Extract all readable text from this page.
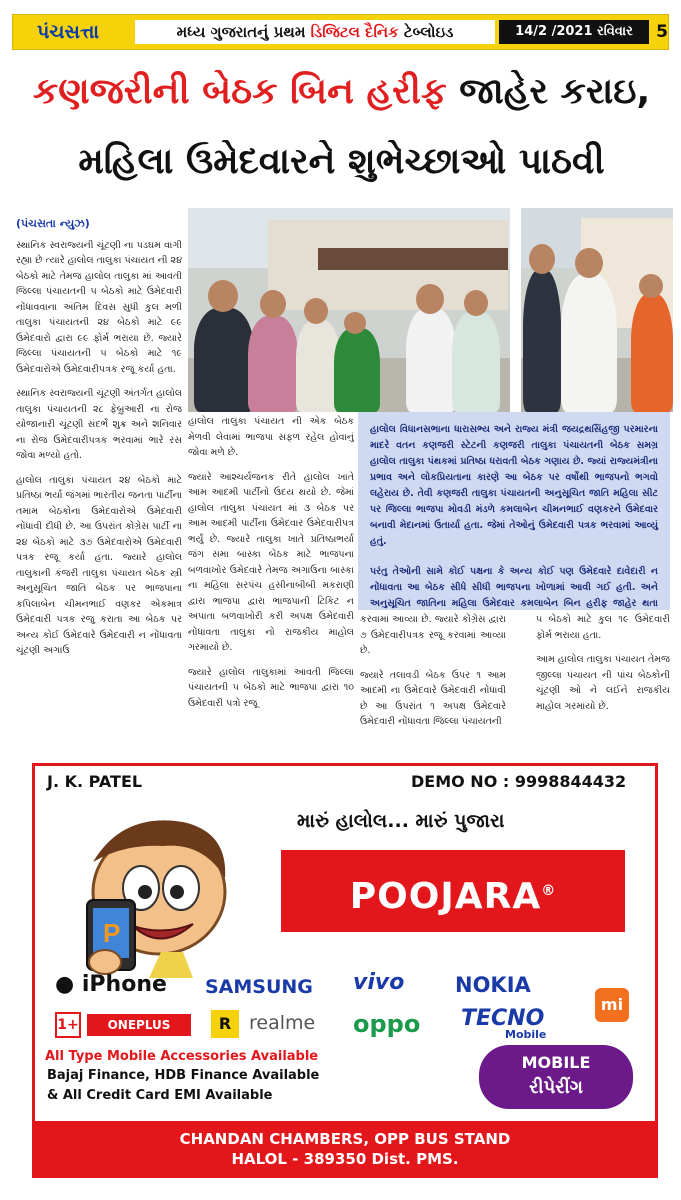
પંચસત્તા	મધ્ય ગુજરાતનું પ્રથમ ડિજિટલ દૈનિક ટેબ્લોઇડ	14/2 /2021 રવિવાર	5
કણજરીની બેઠક બિન હરીફ જાહેર કરાઇ,
મહિલા ઉમેદવારને શુભેચ્છાઓ પાઠવી
(પંચસતા ન્યુઝ)

સ્થાનિક સ્વરાજ્યની ચૂંટણી ના પડઘમ વાગી રહ્યા છે ત્યારે હાલોલ તાલુકા પંચાયત ની ૨૪ બેઠકો માટે તેમજ હાલોલ તાલુકા માં આવતી જિલ્લા પંચાયતની ૫ બેઠકો માટે ઉમેદવારી નોંધાવવાના અંતિમ દિવસ સુધી કુલ મળી તાલુકા પંચાયતની ૨૪ બેઠકો માટે ૯૯ ઉમેદવારો દ્વારા ૯૯ ફોર્મ ભરાયા છે. જ્યારે જિલ્લા પંચાયતની ૫ બેઠકો માટે ૧૯ ઉમેદવારોએ ઉમેદવારીપત્રક રજૂ કર્યા હતા.

સ્થાનિક સ્વરાજ્યની ચૂંટણી અંતર્ગત હાલોલ તાલુકા પંચાયતની ૨૮ ફેબ્રુઆરી ના રોજ યોજાનારી ચૂંટણી સંદર્ભે શુક્ર અને શનિવાર ના રોજ ઉમેદવારીપત્રક ભરવામાં ભારે રસ જોવા મળ્યો હતો.

હાલોલ તાલુકા પંચાયત ૨૪ બેઠકો માટે પ્રતિષ્ઠા ભર્યા જંગમાં ભારતીય જનતા પાર્ટીના તમામ બેઠકોના ઉમેદવારોએ ઉમેદવારી નોંધાવી દીધી છે. આ ઉપરાંત કોંગ્રેસ પાર્ટી ના ૨૪ બેઠકો માટે ૩૭ ઉમેદવારોએ ઉમેદવારી પત્રક રજૂ કર્યા હતા. જ્યારે હાલોલ તાલુકાની કંજરી તાલુકા પંચાયત બેઠક સ્ત્રી અનુસૂચિત જાતિ બેઠક પર ભાજપાના કપિલાબેન ચીમનભાઈ વણકર એકમાત્ર ઉમેદવારી પત્રક રજુ કરાતા આ બેઠક પર અન્ય કોઈ ઉમેદવારે ઉમેદવારી ન નોંધાવતા ચૂંટણી અગાઉ

હાલોલ તાલુકા પંચાયત ની એક બેઠક મેળવી લેવામાં ભાજપા સફળ રહેલ હોવાનું જોવા મળે છે.

જ્યારે આશ્ચર્યજનક રીતે હાલોલ ખાતે આમ આદમી પાર્ટીનો ઉદય થયો છે. જેમાં હાલોલ તાલુકા પંચાયત માં ૩ બેઠક પર આમ આદમી પાર્ટીના ઉમેદવાર ઉમેદવારીપત્ર ભર્યું છે. જ્યારે તાલુકા ખાતે પ્રતિષ્ઠાભર્યા જંગ સમા બાસ્કા બેઠક માટે ભાજપના બળવાખોર ઉમેદવારે તેમજ અગાઉના બાસ્કા ના મહિલા સરપંચ હસીનાબીબી મકરાણી દ્વારા ભાજપા દ્વારા ભાજપાની ટિકિટ ન અપાતા બળવાખોરી કરી અપક્ષ ઉમેદવારી નોંધાવતા તાલુકા નો રાજકીય માહોલ ગરમાયો છે.

જ્યારે હાલોલ તાલુકામાં આવતી જિલ્લા પંચાયતની ૫ બેઠકો માટે ભાજપા દ્વારા ૧૦ ઉમેદવારી પત્રો રજૂ

હાલોલ વિધાનસભાના ધારાસભ્ય અને રાજ્ય મંત્રી જયદ્રથસિંહજી પરમારના માદરે વતન કણજરી સ્ટેટની કણજરી તાલુકા પંચાયતની બેઠક સમગ્ર હાલોલ તાલુકા પંથકમાં પ્રતિષ્ઠા ધરાવતી બેઠક ગણાય છે. જ્યાં રાજ્યમંત્રીના પ્રભાવ અને લોકપ્રિયતાના કારણે આ બેઠક પર વર્ષોથી ભાજપનો ભગવો લહેરાય છે. તેવી કણજરી તાલુકા પંચાયતની અનુસૂચિત જાતિ મહિલા સીટ પર જિલ્લા ભાજપા મોવડી મંડળે કમલાબેન ચીમનભાઈ વણકરને ઉમેદવાર બનાવી મેદાનમાં ઉતાર્યા હતા. જેમાં તેઓનું ઉમેદવારી પત્રક ભરવામાં આવ્યું હતું.

પરંતુ તેઓની સામે કોઈ પક્ષના કે અન્ય કોઈ પણ ઉમેદવારે દાવેદારી ન નોંધાવતા આ બેઠક સીધે સીધી ભાજપના ખોળામાં આવી ગઈ હતી. અને અનુસૂચિત જાતિના મહિલા ઉમેદવાર કમલાબેન બિન હરીફ જાહેર થતા

કરવામાં આવ્યા છે. જ્યારે કોંગ્રેસ દ્વારા ૭ ઉમેદવારીપત્રક રજૂ કરવામાં આવ્યા છે.

જ્યારે તલાવડી બેઠક ઉપર ૧ આમ આદમી ના ઉમેદવારે ઉમેદવારી નોંધાવી છે આ ઉપરાંત ૧ અપક્ષ ઉમેદવારે ઉમેદવારી નોંધાવતા જિલ્લા પંચાયતની

૫ બેઠકો માટે કુલ ૧૯ ઉમેદવારી ફોર્મ ભરાયા હતા.

આમ હાલોલ તાલુકા પંચાયત તેમજ જીલ્લા પંચાયત ની પાંચ બેઠકોની ચૂંટણી ઓ ને લઈને રાજકીય માહોલ ગરમાયો છે.

J. K. PATEL	DEMO NO : 9998844432
P
મારું હાલોલ... મારું પુજારા
POOJARA®
● iPhone SAMSUNG vivo NOKIA
mi
1+	ONEPLUS	R realme oppo TECNO
Mobile
All Type Mobile Accessories Available
Bajaj Finance, HDB Finance Available
& All Credit Card EMI Available
MOBILE
રીપેરીંગ
CHANDAN CHAMBERS, OPP BUS STAND
HALOL - 389350 Dist. PMS.
